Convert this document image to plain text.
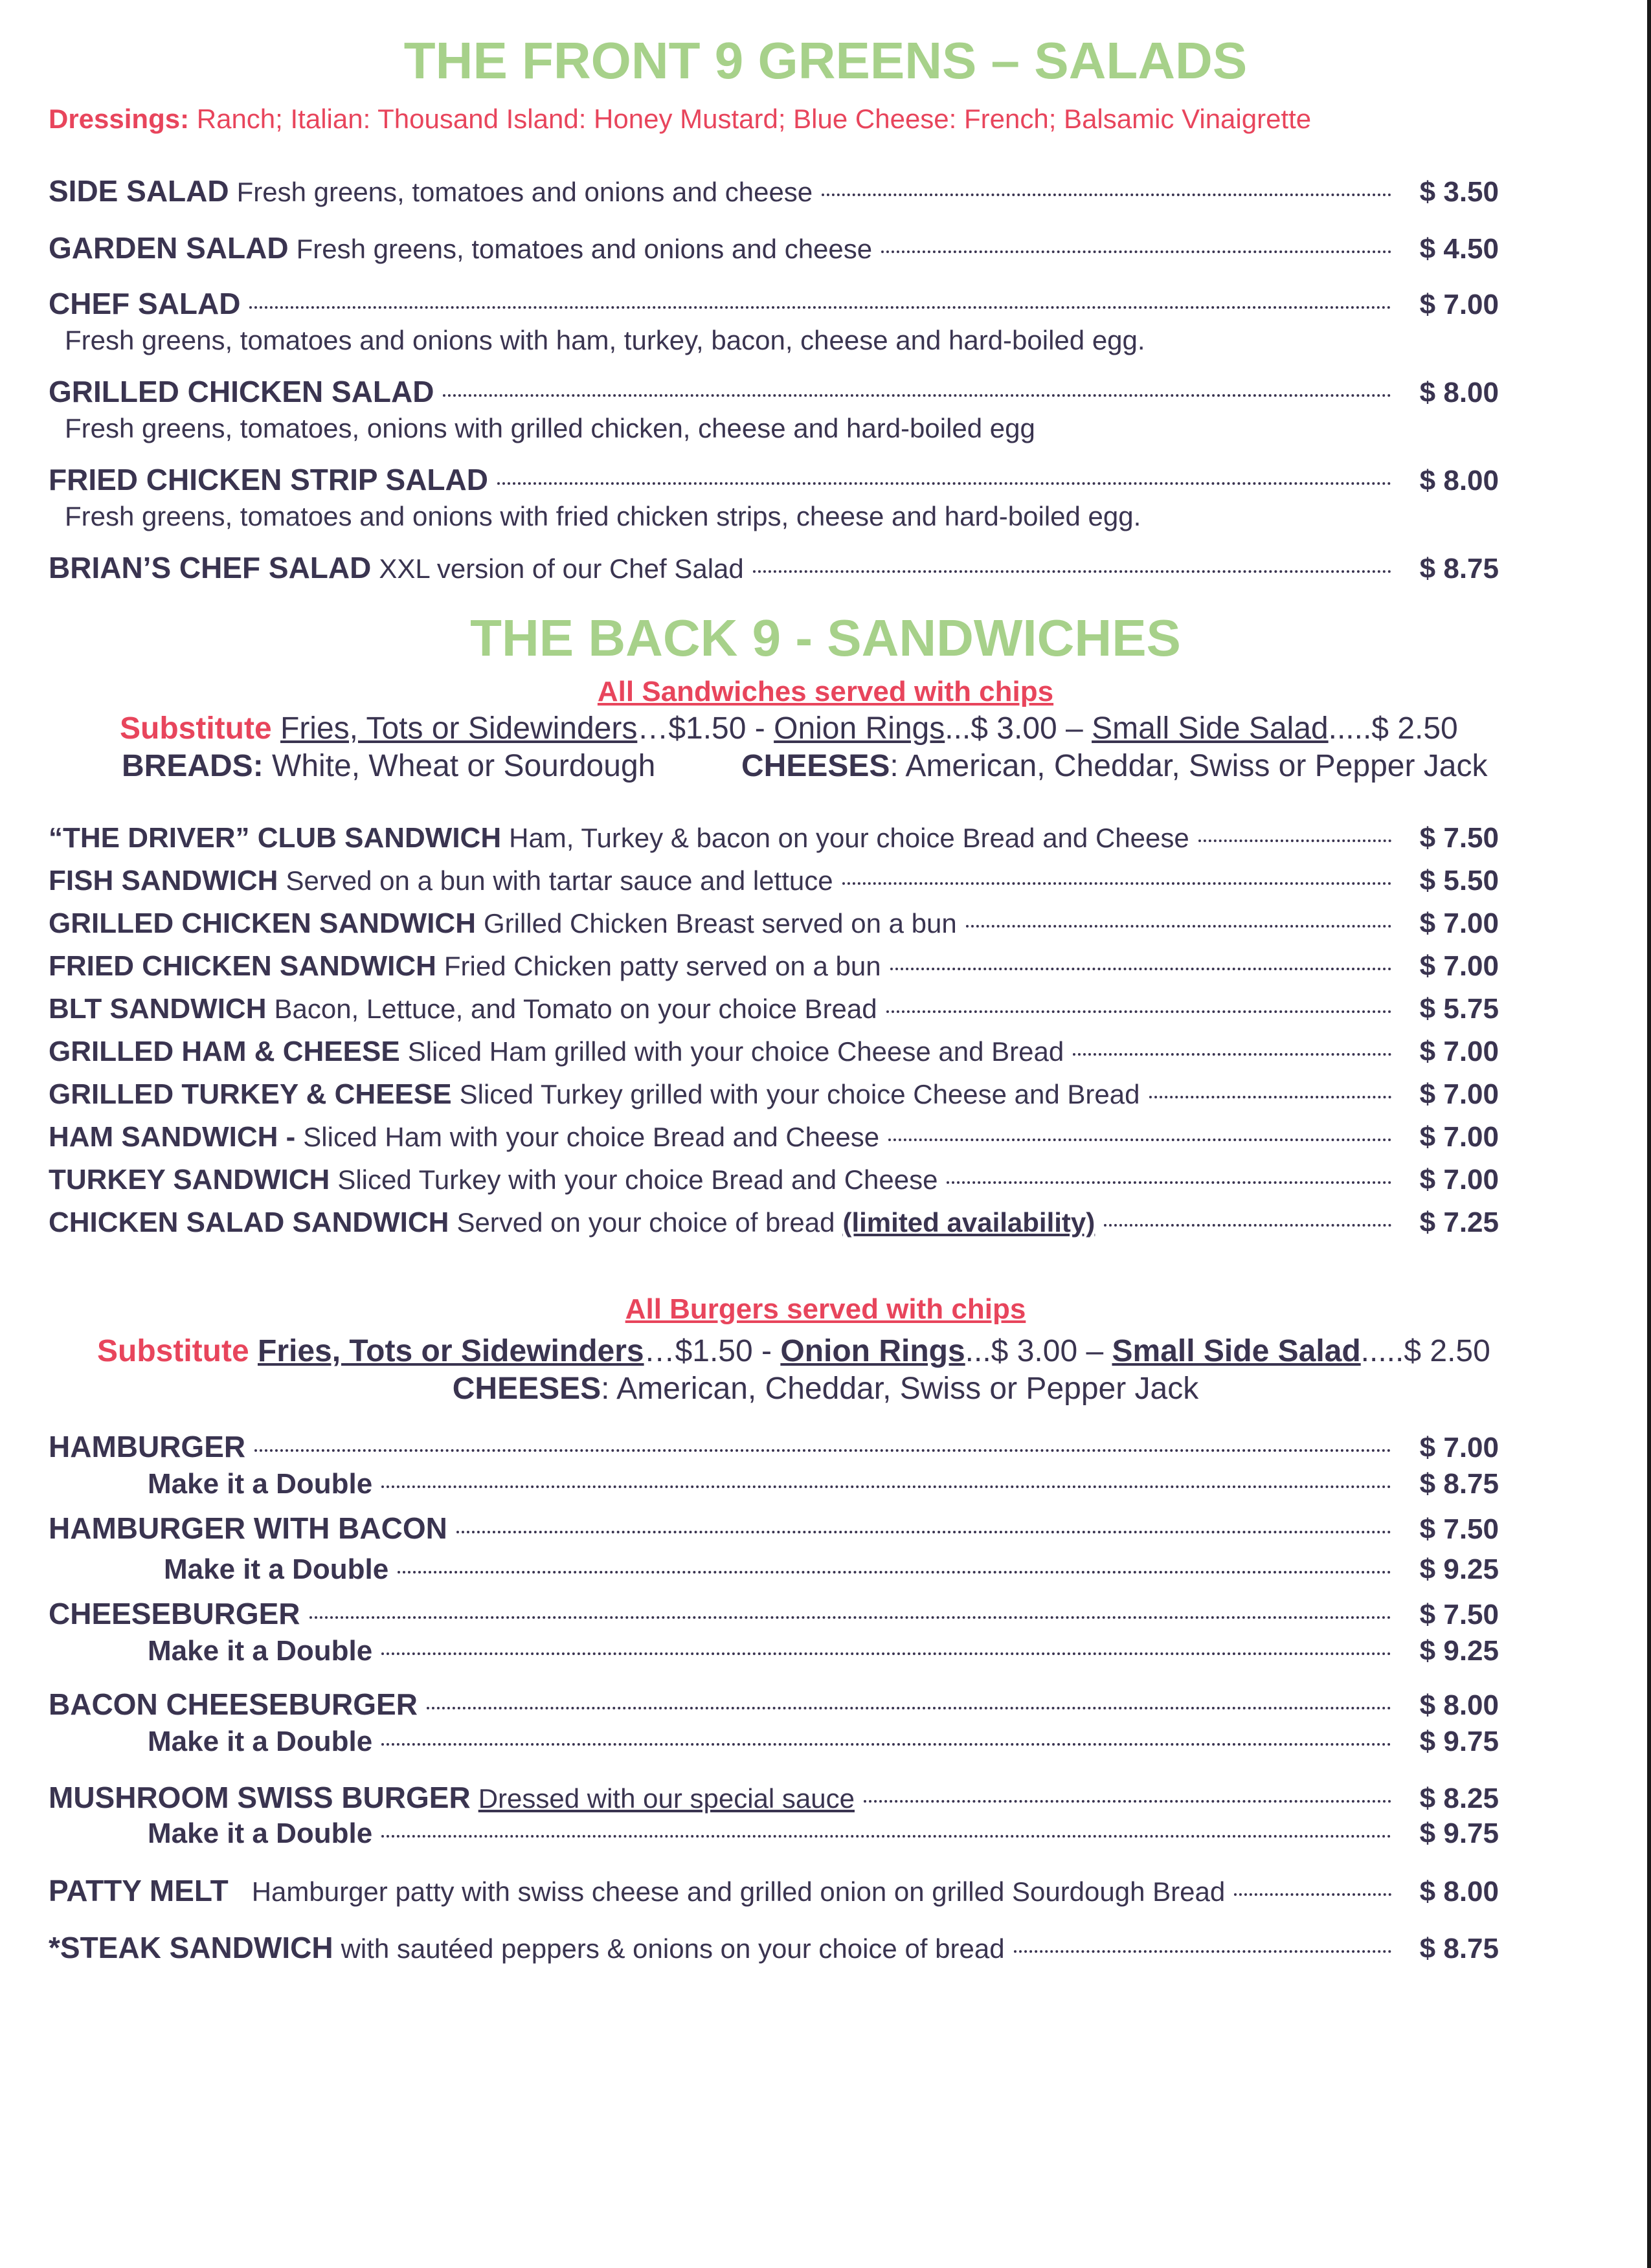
THE FRONT 9 GREENS – SALADS
Dressings: Ranch; Italian: Thousand Island: Honey Mustard; Blue Cheese: French; Balsamic Vinaigrette
SIDE SALAD Fresh greens, tomatoes and onions and cheese	$ 3.50
GARDEN SALAD Fresh greens, tomatoes and onions and cheese	$ 4.50
CHEF SALAD	$ 7.00
Fresh greens, tomatoes and onions with ham, turkey, bacon, cheese and hard-boiled egg.
GRILLED CHICKEN SALAD	$ 8.00
Fresh greens, tomatoes, onions with grilled chicken, cheese and hard-boiled egg
FRIED CHICKEN STRIP SALAD	$ 8.00
Fresh greens, tomatoes and onions with fried chicken strips, cheese and hard-boiled egg.
BRIAN’S CHEF SALAD XXL version of our Chef Salad	$ 8.75
THE BACK 9 - SANDWICHES
All Sandwiches served with chips
Substitute Fries, Tots or Sidewinders…$1.50 - Onion Rings...$ 3.00 – Small Side Salad.....$ 2.50
BREADS: White, Wheat or Sourdough	CHEESES: American, Cheddar, Swiss or Pepper Jack
“THE DRIVER” CLUB SANDWICH Ham, Turkey & bacon on your choice Bread and Cheese	$ 7.50
FISH SANDWICH Served on a bun with tartar sauce and lettuce	$ 5.50
GRILLED CHICKEN SANDWICH Grilled Chicken Breast served on a bun	$ 7.00
FRIED CHICKEN SANDWICH Fried Chicken patty served on a bun	$ 7.00
BLT SANDWICH Bacon, Lettuce, and Tomato on your choice Bread	$ 5.75
GRILLED HAM & CHEESE Sliced Ham grilled with your choice Cheese and Bread	$ 7.00
GRILLED TURKEY & CHEESE Sliced Turkey grilled with your choice Cheese and Bread	$ 7.00
HAM SANDWICH - Sliced Ham with your choice Bread and Cheese	$ 7.00
TURKEY SANDWICH Sliced Turkey with your choice Bread and Cheese	$ 7.00
CHICKEN SALAD SANDWICH Served on your choice of bread (limited availability)	$ 7.25
All Burgers served with chips
Substitute Fries, Tots or Sidewinders…$1.50 - Onion Rings...$ 3.00 – Small Side Salad.....$ 2.50
CHEESES: American, Cheddar, Swiss or Pepper Jack
HAMBURGER	$ 7.00
Make it a Double	$ 8.75
HAMBURGER WITH BACON	$ 7.50
Make it a Double	$ 9.25
CHEESEBURGER	$ 7.50
Make it a Double	$ 9.25
BACON CHEESEBURGER	$ 8.00
Make it a Double	$ 9.75
MUSHROOM SWISS BURGER Dressed with our special sauce	$ 8.25
Make it a Double	$ 9.75
PATTY MELT Hamburger patty with swiss cheese and grilled onion on grilled Sourdough Bread	$ 8.00
*STEAK SANDWICH with sautéed peppers & onions on your choice of bread	$ 8.75
